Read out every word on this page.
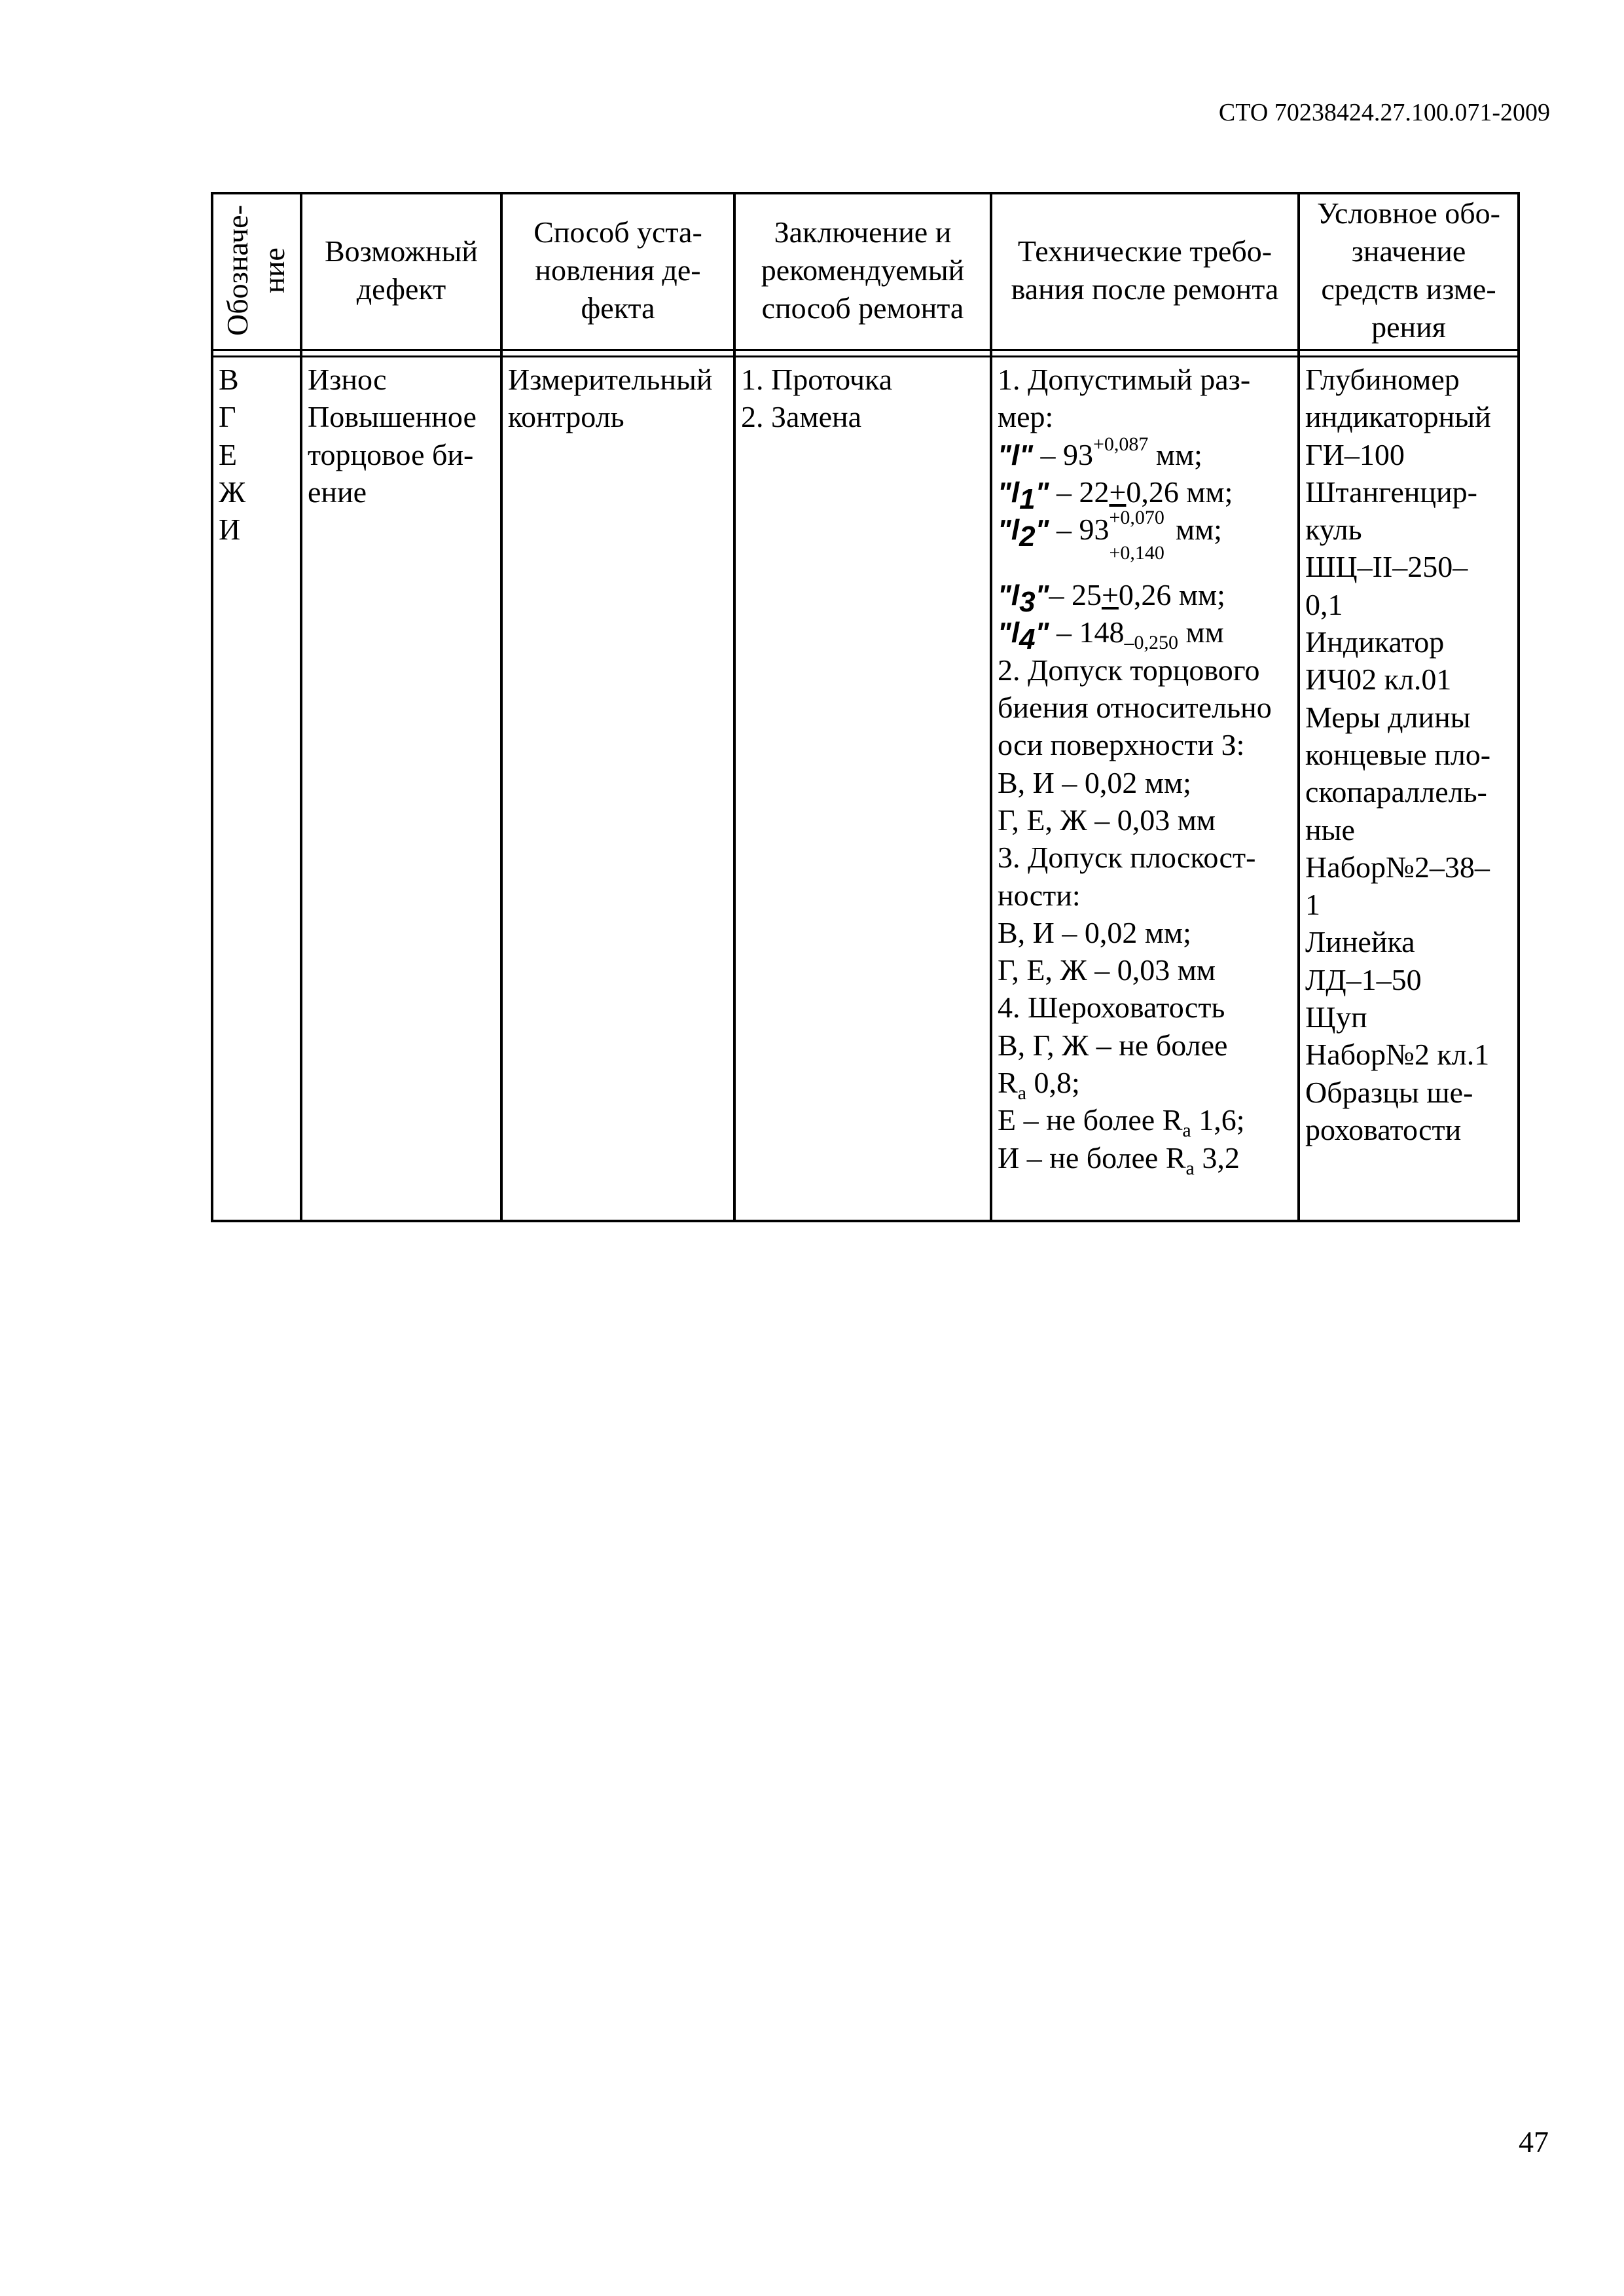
СТО 70238424.27.100.071-2009
Обозначе-
ние	Возможный
дефект
Способ уста-
новления де-
фекта
Заключение и
рекомендуемый
способ ремонта
Технические требо-
вания после ремонта
Условное обо-
значение
средств изме-
рения
В
Г
Е
Ж
И
Износ
Повышенное
торцовое би-
ение
Измерительный
контроль
1. Проточка
2. Замена
1. Допустимый раз-
мер:
"l" – $93^{+0,087}$ мм;
"$l_1$" – 22+0,26 мм;
"$l_2$" – 93 +0,070
+0,140
мм;
"$l_3"-$ 25+0,26 мм;
"$l_4$" – $148_{-0,250}$ мм
2. Допуск торцового
биения относительно
оси поверхности З:
В, И – 0,02 мм;
Г, Е, Ж – 0,03 мм
3. Допуск плоскост-
ности:
В, И – 0,02 мм;
Г, Е, Ж – 0,03 мм
4. Шероховатость
В, Г, Ж – не более
$R_a$ 0,8;
Е – не более $R_a$ 1,6;
И – не более $R_a$ 3,2
Глубиномер
индикаторный
ГИ–100
Штангенцир-
куль
ШЦ–II–250–
0,1
Индикатор
ИЧ02 кл.01
Меры длины
концевые пло-
скопараллель-
ные
Набор№2–38–
1
Линейка
ЛД–1–50
Щуп
Набор№2 кл.1
Образцы ше-
роховатости
47
